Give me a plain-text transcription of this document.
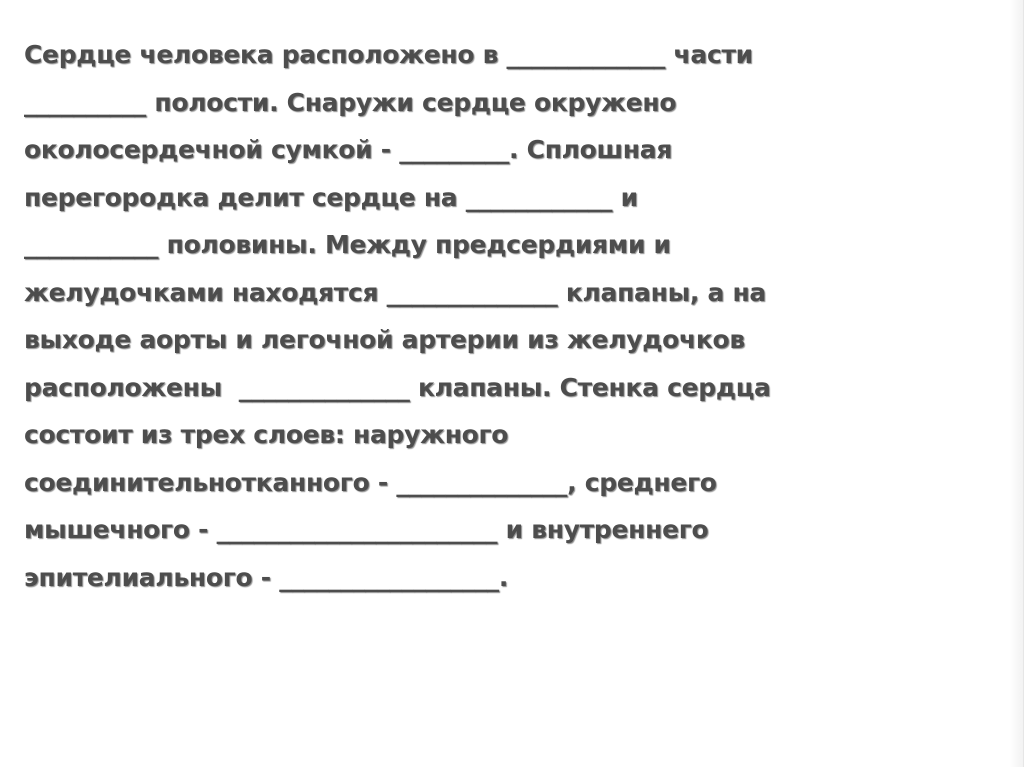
Сердце человека расположено в _____________ части
__________ полости. Снаружи сердце окружено
околосердечной сумкой - _________. Сплошная
перегородка делит сердце на ____________ и
___________ половины. Между предсердиями и
желудочками находятся ______________ клапаны, а на
выходе аорты и легочной артерии из желудочков
расположены  ______________ клапаны. Стенка сердца
состоит из трех слоев: наружного
соединительнотканного - ______________, среднего
мышечного - _______________________ и внутреннего
эпителиального - __________________.
